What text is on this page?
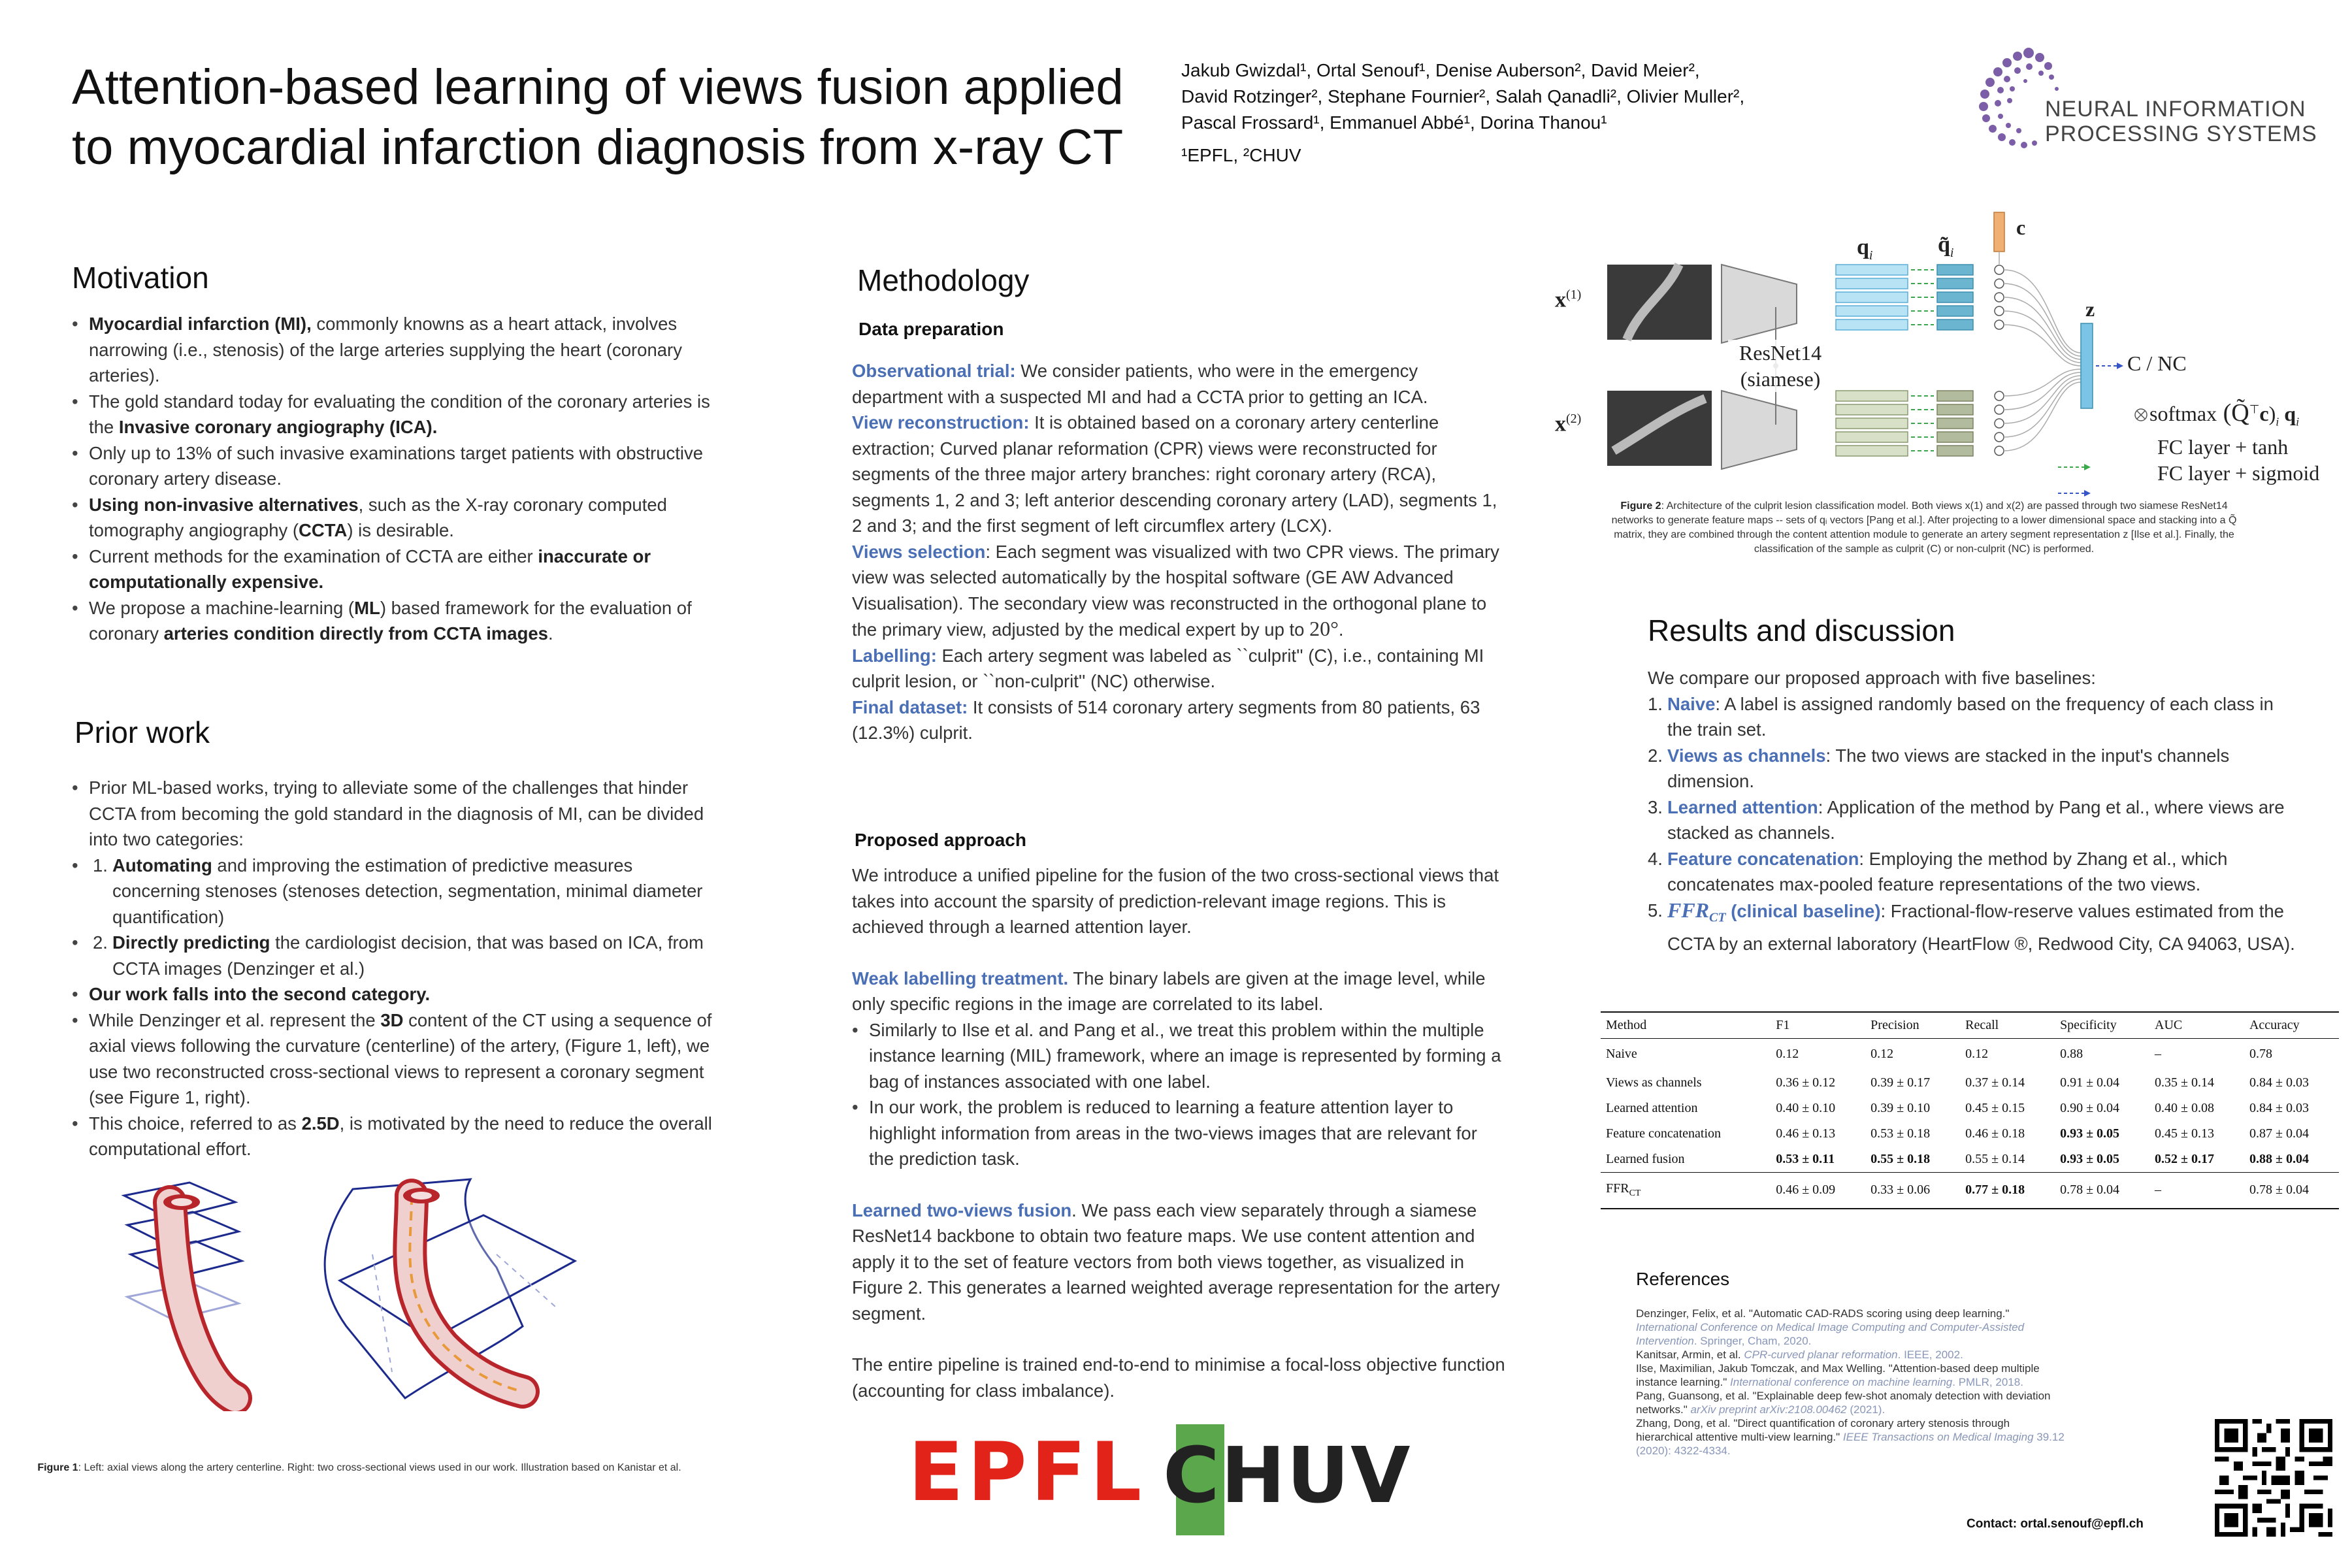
Attention-based learning of views fusion applied to myocardial infarction diagnosis from x-ray CT
Jakub Gwizdal¹, Ortal Senouf¹, Denise Auberson², David Meier²,
David Rotzinger², Stephane Fournier², Salah Qanadli², Olivier Muller²,
Pascal Frossard¹, Emmanuel Abbé¹, Dorina Thanou¹
¹EPFL, ²CHUV
NEURAL INFORMATION
PROCESSING SYSTEMS
Motivation
• Myocardial infarction (MI), commonly knowns as a heart attack, involves narrowing (i.e., stenosis) of the large arteries supplying the heart (coronary arteries).
• The gold standard today for evaluating the condition of the coronary arteries is the Invasive coronary angiography (ICA).
• Only up to 13% of such invasive examinations target patients with obstructive coronary artery disease.
• Using non-invasive alternatives, such as the X-ray coronary computed tomography angiography (CCTA) is desirable.
• Current methods for the examination of CCTA are either inaccurate or computationally expensive.
• We propose a machine-learning (ML) based framework for the evaluation of coronary arteries condition directly from CCTA images.
Prior work
• Prior ML-based works, trying to alleviate some of the challenges that hinder CCTA from becoming the gold standard in the diagnosis of MI, can be divided into two categories:
• 1. Automating and improving the estimation of predictive measures concerning stenoses (stenoses detection, segmentation, minimal diameter quantification)
• 2. Directly predicting the cardiologist decision, that was based on ICA, from CCTA images (Denzinger et al.)
• Our work falls into the second category.
• While Denzinger et al. represent the 3D content of the CT using a sequence of axial views following the curvature (centerline) of the artery, (Figure 1, left), we use two reconstructed cross-sectional views to represent a coronary segment (see Figure 1, right).
• This choice, referred to as 2.5D, is motivated by the need to reduce the overall computational effort.
Figure 1: Left: axial views along the artery centerline. Right: two cross-sectional views used in our work. Illustration based on Kanistar et al.
Methodology
Data preparation

Observational trial: We consider patients, who were in the emergency department with a suspected MI and had a CCTA prior to getting an ICA.

View reconstruction: It is obtained based on a coronary artery centerline extraction; Curved planar reformation (CPR) views were reconstructed for segments of the three major artery branches: right coronary artery (RCA), segments 1, 2 and 3; left anterior descending coronary artery (LAD), segments 1, 2 and 3; and the first segment of left circumflex artery (LCX).

Views selection: Each segment was visualized with two CPR views. The primary view was selected automatically by the hospital software (GE AW Advanced Visualisation). The secondary view was reconstructed in the orthogonal plane to the primary view, adjusted by the medical expert by up to 20°.

Labelling: Each artery segment was labeled as ``culprit'' (C), i.e., containing MI culprit lesion, or ``non-culprit'' (NC) otherwise.

Final dataset: It consists of 514 coronary artery segments from 80 patients, 63 (12.3%) culprit.

Proposed approach

We introduce a unified pipeline for the fusion of the two cross-sectional views that takes into account the sparsity of prediction-relevant image regions. This is achieved through a learned attention layer.

Weak labelling treatment. The binary labels are given at the image level, while only specific regions in the image are correlated to its label.

• Similarly to Ilse et al. and Pang et al., we treat this problem within the multiple instance learning (MIL) framework, where an image is represented by forming a bag of instances associated with one label.
• In our work, the problem is reduced to learning a feature attention layer to highlight information from areas in the two-views images that are relevant for the prediction task.

Learned two-views fusion. We pass each view separately through a siamese ResNet14 backbone to obtain two feature maps. We use content attention and apply it to the set of feature vectors from both views together, as visualized in Figure 2. This generates a learned weighted average representation for the artery segment.

The entire pipeline is trained end-to-end to minimise a focal-loss objective function (accounting for class imbalance).

EPFL CHUV
$x^{(1)}$
$x^{(2)}$
ResNet14
(siamese)
$q_i$	$q̃_i$
c
z
C / NC
softmax $(Q̃^⊤c)_i$ $q_i$
FC layer + tanh
FC layer + sigmoid
Figure 2: Architecture of the culprit lesion classification model. Both views x(1) and x(2) are passed through two siamese ResNet14 networks to generate feature maps -- sets of qᵢ vectors [Pang et al.]. After projecting to a lower dimensional space and stacking into a Q̃ matrix, they are combined through the content attention module to generate an artery segment representation z [Ilse et al.]. Finally, the classification of the sample as culprit (C) or non-culprit (NC) is performed.
Results and discussion

We compare our proposed approach with five baselines:

1. Naive: A label is assigned randomly based on the frequency of each class in the train set.
2. Views as channels: The two views are stacked in the input's channels dimension.
3. Learned attention: Application of the method by Pang et al., where views are stacked as channels.
4. Feature concatenation: Employing the method by Zhang et al., which concatenates max-pooled feature representations of the two views.
5. $FFR_{CT}$ (clinical baseline): Fractional-flow-reserve values estimated from the CCTA by an external laboratory (HeartFlow ®, Redwood City, CA 94063, USA).
Method	F1	Precision	Recall	Specificity	AUC	Accuracy
Naive	0.12	0.12	0.12	0.88	–	0.78
Views as channels	0.36 ± 0.12	0.39 ± 0.17	0.37 ± 0.14	0.91 ± 0.04	0.35 ± 0.14	0.84 ± 0.03
Learned attention	0.40 ± 0.10	0.39 ± 0.10	0.45 ± 0.15	0.90 ± 0.04	0.40 ± 0.08	0.84 ± 0.03
Feature concatenation	0.46 ± 0.13	0.53 ± 0.18	0.46 ± 0.18	0.93 ± 0.05	0.45 ± 0.13	0.87 ± 0.04
Learned fusion	0.53 ± 0.11	0.55 ± 0.18	0.55 ± 0.14	0.93 ± 0.05	0.52 ± 0.17	0.88 ± 0.04
$FFR_{CT}$	0.46 ± 0.09	0.33 ± 0.06	0.77 ± 0.18	0.78 ± 0.04	–	0.78 ± 0.04
References
Denzinger, Felix, et al. "Automatic CAD-RADS scoring using deep learning." International Conference on Medical Image Computing and Computer-Assisted Intervention. Springer, Cham, 2020.
Kanitsar, Armin, et al. CPR-curved planar reformation. IEEE, 2002.
Ilse, Maximilian, Jakub Tomczak, and Max Welling. "Attention-based deep multiple instance learning." International conference on machine learning. PMLR, 2018.
Pang, Guansong, et al. "Explainable deep few-shot anomaly detection with deviation networks." arXiv preprint arXiv:2108.00462 (2021).
Zhang, Dong, et al. "Direct quantification of coronary artery stenosis through hierarchical attentive multi-view learning." IEEE Transactions on Medical Imaging 39.12 (2020): 4322-4334.
Contact: ortal.senouf@epfl.ch
